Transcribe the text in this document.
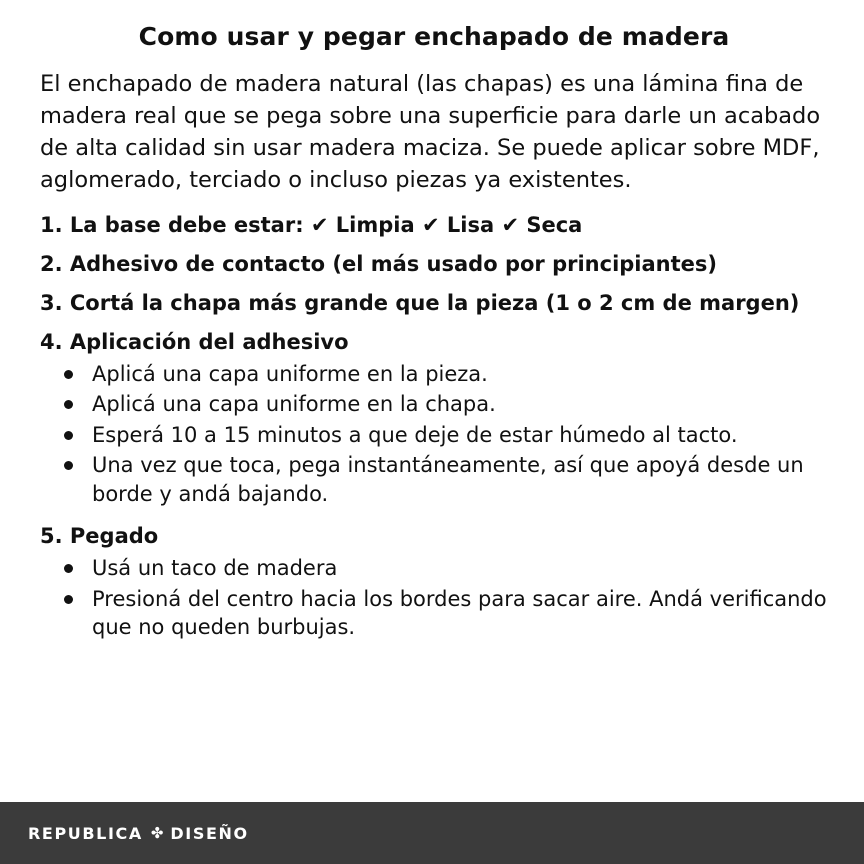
Como usar y pegar enchapado de madera

El enchapado de madera natural (las chapas) es una lámina fina de madera real que se pega sobre una superficie para darle un acabado de alta calidad sin usar madera maciza. Se puede aplicar sobre MDF, aglomerado, terciado o incluso piezas ya existentes.

1. La base debe estar: ✔ Limpia ✔ Lisa ✔ Seca
2. Adhesivo de contacto (el más usado por principiantes)
3. Cortá la chapa más grande que la pieza (1 o 2 cm de margen)
4. Aplicación del adhesivo
Aplicá una capa uniforme en la pieza.
Aplicá una capa uniforme en la chapa.
Esperá 10 a 15 minutos a que deje de estar húmedo al tacto.
Una vez que toca, pega instantáneamente, así que apoyá desde un borde y andá bajando.
5. Pegado
Usá un taco de madera
Presioná del centro hacia los bordes para sacar aire. Andá verificando que no queden burbujas.
REPUBLICA ✤ DISEÑO
